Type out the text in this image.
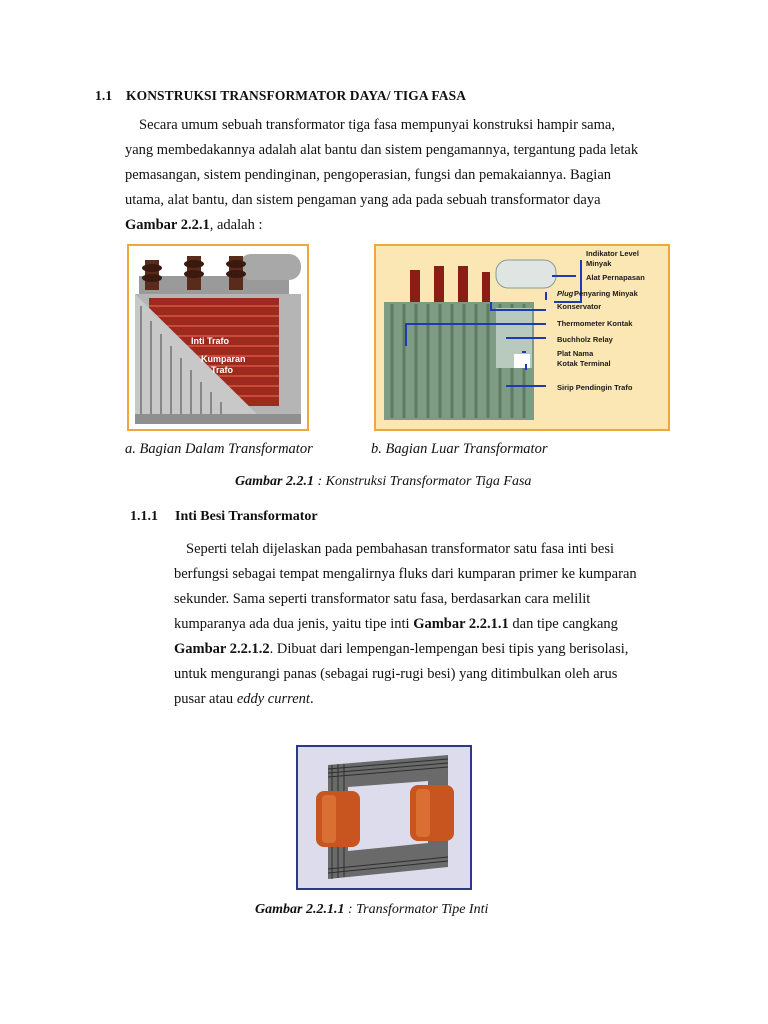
1.1 KONSTRUKSI TRANSFORMATOR DAYA/ TIGA FASA
Secara umum sebuah transformator tiga fasa mempunyai konstruksi hampir sama,
yang membedakannya adalah alat bantu dan sistem pengamannya, tergantung pada letak
pemasangan, sistem pendinginan, pengoperasian, fungsi dan pemakaiannya. Bagian
utama, alat bantu, dan sistem pengaman yang ada pada sebuah transformator daya
Gambar 2.2.1, adalah :
Inti Trafo
Kumparan
Trafo
Indikator Level
Minyak
Alat Pernapasan
Plug Penyaring Minyak
Konservator
Thermometer Kontak
Buchholz Relay
Plat Nama
Kotak Terminal
Sirip Pendingin Trafo
a. Bagian Dalam Transformator	b. Bagian Luar Transformator
Gambar 2.2.1 : Konstruksi Transformator Tiga Fasa
1.1.1 Inti Besi Transformator
Seperti telah dijelaskan pada pembahasan transformator satu fasa inti besi
berfungsi sebagai tempat mengalirnya fluks dari kumparan primer ke kumparan
sekunder. Sama seperti transformator satu fasa, berdasarkan cara melilit
kumparanya ada dua jenis, yaitu tipe inti Gambar 2.2.1.1 dan tipe cangkang
Gambar 2.2.1.2. Dibuat dari lempengan-lempengan besi tipis yang berisolasi,
untuk mengurangi panas (sebagai rugi-rugi besi) yang ditimbulkan oleh arus
pusar atau eddy current.
Gambar 2.2.1.1 : Transformator Tipe Inti
